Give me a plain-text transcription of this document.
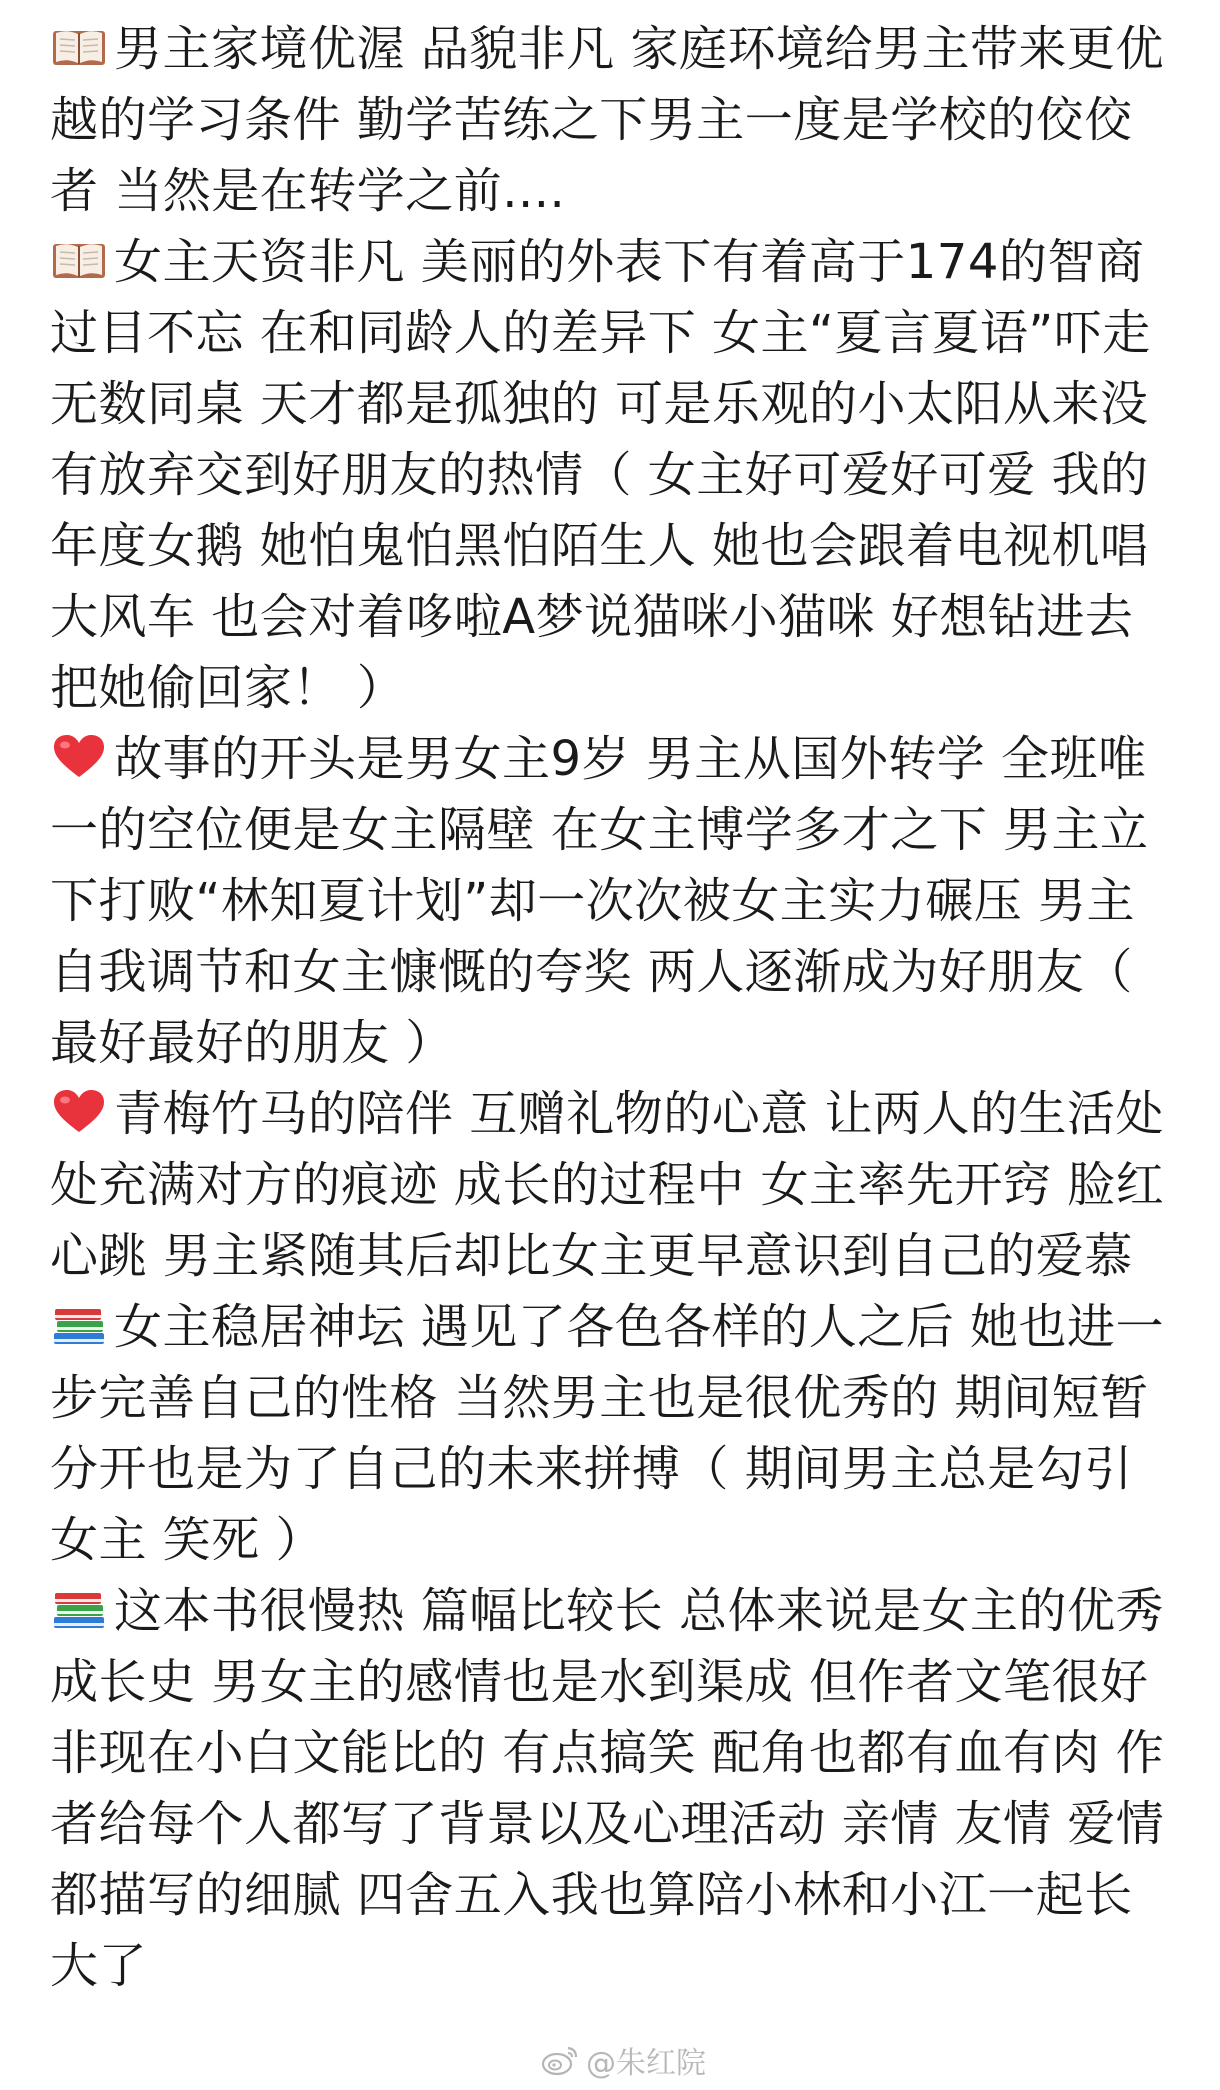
男主家境优渥 品貌非凡 家庭环境给男主带来更优越的学习条件 勤学苦练之下男主一度是学校的佼佼者 当然是在转学之前....

女主天资非凡 美丽的外表下有着高于174的智商 过目不忘 在和同龄人的差异下 女主“夏言夏语”吓走无数同桌 天才都是孤独的 可是乐观的小太阳从来没有放弃交到好朋友的热情（ 女主好可爱好可爱 我的年度女鹅 她怕鬼怕黑怕陌生人 她也会跟着电视机唱大风车 也会对着哆啦A梦说猫咪小猫咪 好想钻进去把她偷回家！ ）

故事的开头是男女主9岁 男主从国外转学 全班唯一的空位便是女主隔壁 在女主博学多才之下 男主立下打败“林知夏计划”却一次次被女主实力碾压 男主自我调节和女主慷慨的夸奖 两人逐渐成为好朋友（ 最好最好的朋友 ）

青梅竹马的陪伴 互赠礼物的心意 让两人的生活处处充满对方的痕迹 成长的过程中 女主率先开窍 脸红心跳 男主紧随其后却比女主更早意识到自己的爱慕

女主稳居神坛 遇见了各色各样的人之后 她也进一步完善自己的性格 当然男主也是很优秀的 期间短暂分开也是为了自己的未来拼搏（ 期间男主总是勾引女主 笑死 ）

这本书很慢热 篇幅比较长 总体来说是女主的优秀成长史 男女主的感情也是水到渠成 但作者文笔很好 非现在小白文能比的 有点搞笑 配角也都有血有肉 作者给每个人都写了背景以及心理活动 亲情 友情 爱情都描写的细腻 四舍五入我也算陪小林和小江一起长大了

@朱红院
